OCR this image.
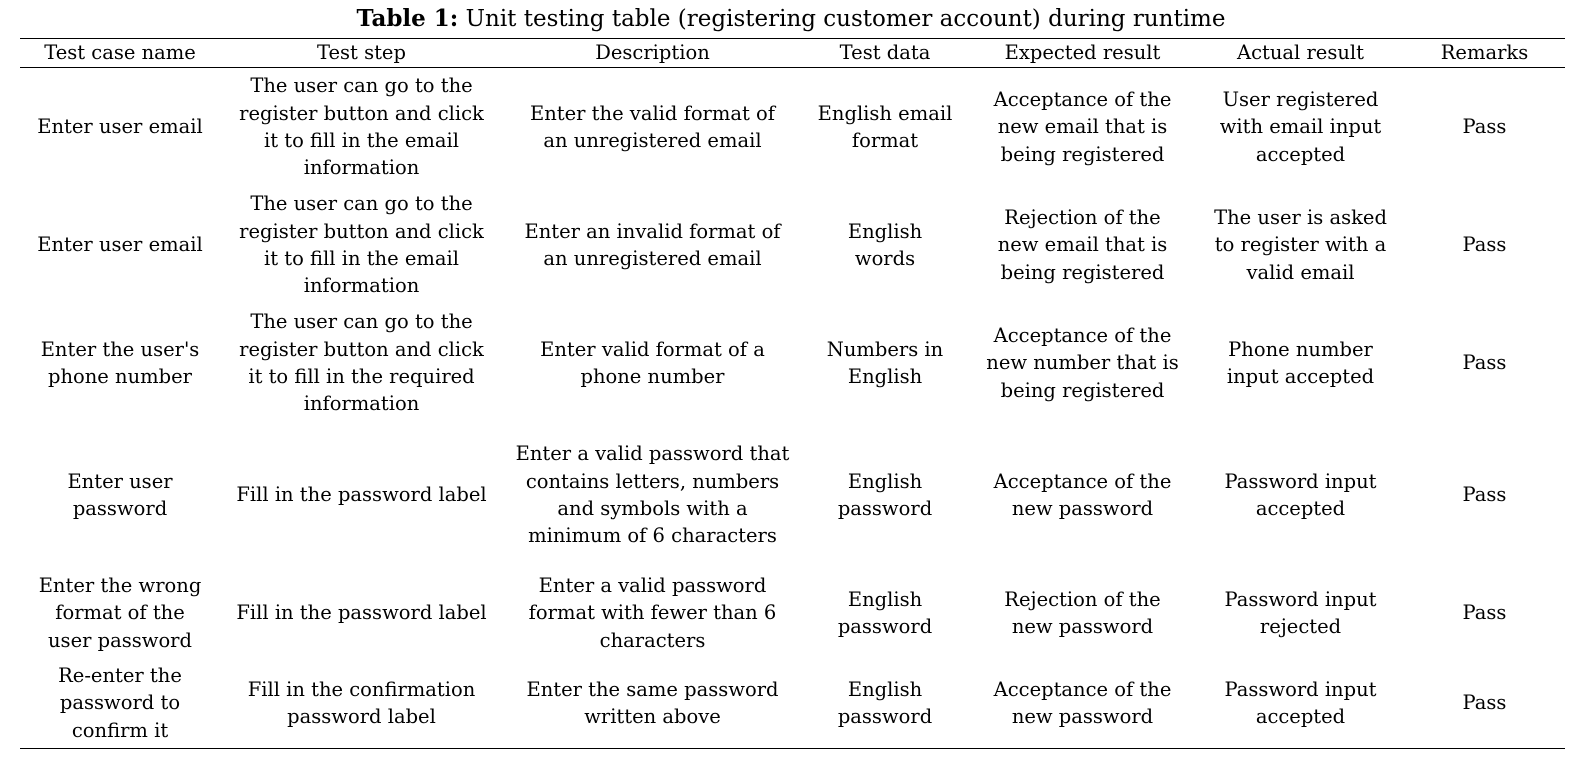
Table 1: Unit testing table (registering customer account) during runtime
Test case name	Test step	Description	Test data	Expected result	Actual result	Remarks
Enter user email	The user can go to the register button and click it to fill in the email information	Enter the valid format of an unregistered email	English email format	Acceptance of the new email that is being registered	User registered with email input accepted	Pass
Enter user email	The user can go to the register button and click it to fill in the email information	Enter an invalid format of an unregistered email	English words	Rejection of the new email that is being registered	The user is asked to register with a valid email	Pass
Enter the user's phone number	The user can go to the register button and click it to fill in the required information	Enter valid format of a phone number	Numbers in English	Acceptance of the new number that is being registered	Phone number input accepted	Pass
Enter user password	Fill in the password label	Enter a valid password that contains letters, numbers and symbols with a minimum of 6 characters	English password	Acceptance of the new password	Password input accepted	Pass
Enter the wrong format of the user password	Fill in the password label	Enter a valid password format with fewer than 6 characters	English password	Rejection of the new password	Password input rejected	Pass
Re-enter the password to confirm it	Fill in the confirmation password label	Enter the same password written above	English password	Acceptance of the new password	Password input accepted	Pass
